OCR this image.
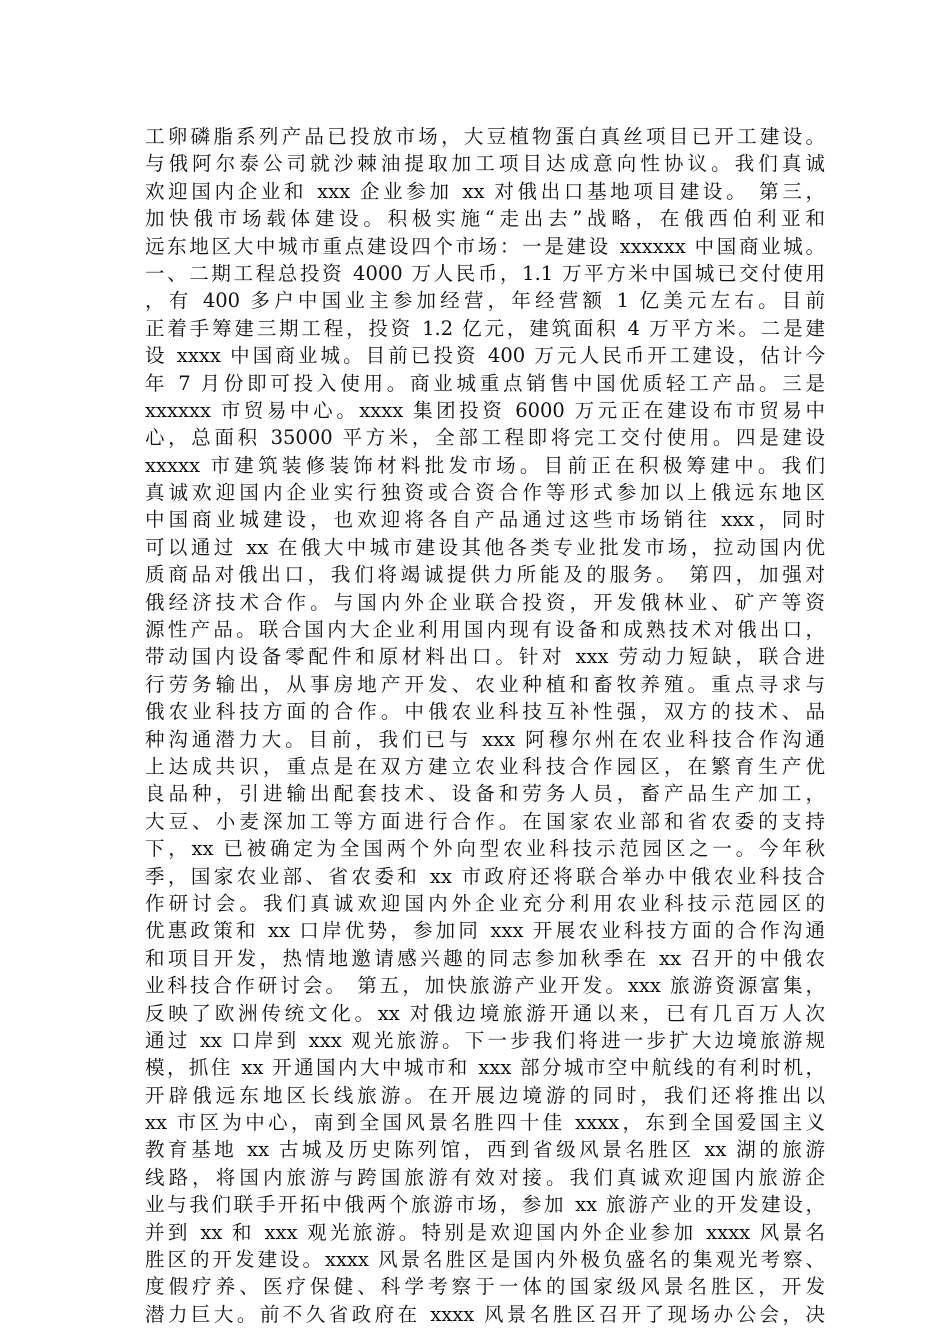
工卵磷脂系列产品已投放市场，大豆植物蛋白真丝项目已开工建设。
与俄阿尔泰公司就沙棘油提取加工项目达成意向性协议。我们真诚
欢迎国内企业和 xxx 企业参加 xx 对俄出口基地项目建设。 第三，
加快俄市场载体建设。积极实施“走出去”战略，在俄西伯利亚和
远东地区大中城市重点建设四个市场：一是建设 xxxxxx 中国商业城。
一、二期工程总投资 4000 万人民币，1.1 万平方米中国城已交付使用
，有 400 多户中国业主参加经营，年经营额 1 亿美元左右。目前
正着手筹建三期工程，投资 1.2 亿元，建筑面积 4 万平方米。二是建
设 xxxx 中国商业城。目前已投资 400 万元人民币开工建设，估计今
年 7 月份即可投入使用。商业城重点销售中国优质轻工产品。三是
xxxxxx 市贸易中心。xxxx 集团投资 6000 万元正在建设布市贸易中
心，总面积 35000 平方米，全部工程即将完工交付使用。四是建设
xxxxx 市建筑装修装饰材料批发市场。目前正在积极筹建中。我们
真诚欢迎国内企业实行独资或合资合作等形式参加以上俄远东地区
中国商业城建设，也欢迎将各自产品通过这些市场销往 xxx，同时
可以通过 xx 在俄大中城市建设其他各类专业批发市场，拉动国内优
质商品对俄出口，我们将竭诚提供力所能及的服务。 第四，加强对
俄经济技术合作。与国内外企业联合投资，开发俄林业、矿产等资
源性产品。联合国内大企业利用国内现有设备和成熟技术对俄出口，
带动国内设备零配件和原材料出口。针对 xxx 劳动力短缺，联合进
行劳务输出，从事房地产开发、农业种植和畜牧养殖。重点寻求与
俄农业科技方面的合作。中俄农业科技互补性强，双方的技术、品
种沟通潜力大。目前，我们已与 xxx 阿穆尔州在农业科技合作沟通
上达成共识，重点是在双方建立农业科技合作园区，在繁育生产优
良品种，引进输出配套技术、设备和劳务人员，畜产品生产加工，
大豆、小麦深加工等方面进行合作。在国家农业部和省农委的支持
下，xx 已被确定为全国两个外向型农业科技示范园区之一。今年秋
季，国家农业部、省农委和 xx 市政府还将联合举办中俄农业科技合
作研讨会。我们真诚欢迎国内外企业充分利用农业科技示范园区的
优惠政策和 xx 口岸优势，参加同 xxx 开展农业科技方面的合作沟通
和项目开发，热情地邀请感兴趣的同志参加秋季在 xx 召开的中俄农
业科技合作研讨会。 第五，加快旅游产业开发。xxx 旅游资源富集，
反映了欧洲传统文化。xx 对俄边境旅游开通以来，已有几百万人次
通过 xx 口岸到 xxx 观光旅游。下一步我们将进一步扩大边境旅游规
模，抓住 xx 开通国内大中城市和 xxx 部分城市空中航线的有利时机，
开辟俄远东地区长线旅游。在开展边境游的同时，我们还将推出以
xx 市区为中心，南到全国风景名胜四十佳 xxxx，东到全国爱国主义
教育基地 xx 古城及历史陈列馆，西到省级风景名胜区 xx 湖的旅游
线路，将国内旅游与跨国旅游有效对接。我们真诚欢迎国内旅游企
业与我们联手开拓中俄两个旅游市场，参加 xx 旅游产业的开发建设，
并到 xx 和 xxx 观光旅游。特别是欢迎国内外企业参加 xxxx 风景名
胜区的开发建设。xxxx 风景名胜区是国内外极负盛名的集观光考察、
度假疗养、医疗保健、科学考察于一体的国家级风景名胜区，开发
潜力巨大。前不久省政府在 xxxx 风景名胜区召开了现场办公会，决
